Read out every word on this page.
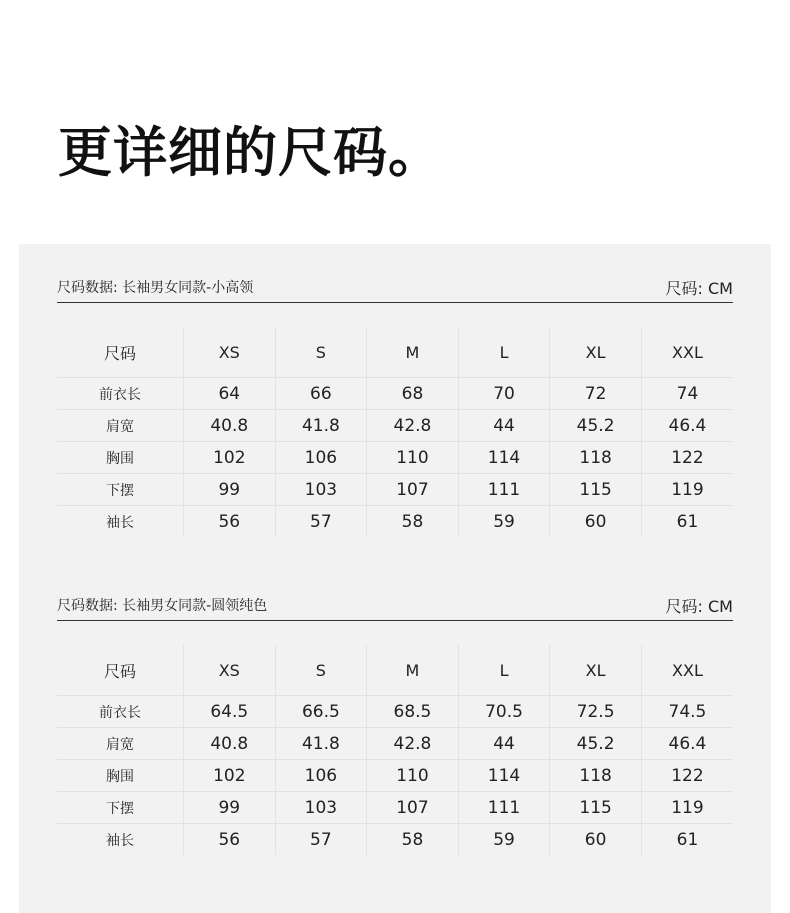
更详细的尺码。
尺码数据: 长袖男女同款-小高领	尺码: CM
尺码	XS	S	M	L	XL	XXL
前衣长	64	66	68	70	72	74
肩宽	40.8	41.8	42.8	44	45.2	46.4
胸围	102	106	110	114	118	122
下摆	99	103	107	111	115	119
袖长	56	57	58	59	60	61
尺码数据: 长袖男女同款-圆领纯色	尺码: CM
尺码	XS	S	M	L	XL	XXL
前衣长	64.5	66.5	68.5	70.5	72.5	74.5
肩宽	40.8	41.8	42.8	44	45.2	46.4
胸围	102	106	110	114	118	122
下摆	99	103	107	111	115	119
袖长	56	57	58	59	60	61
